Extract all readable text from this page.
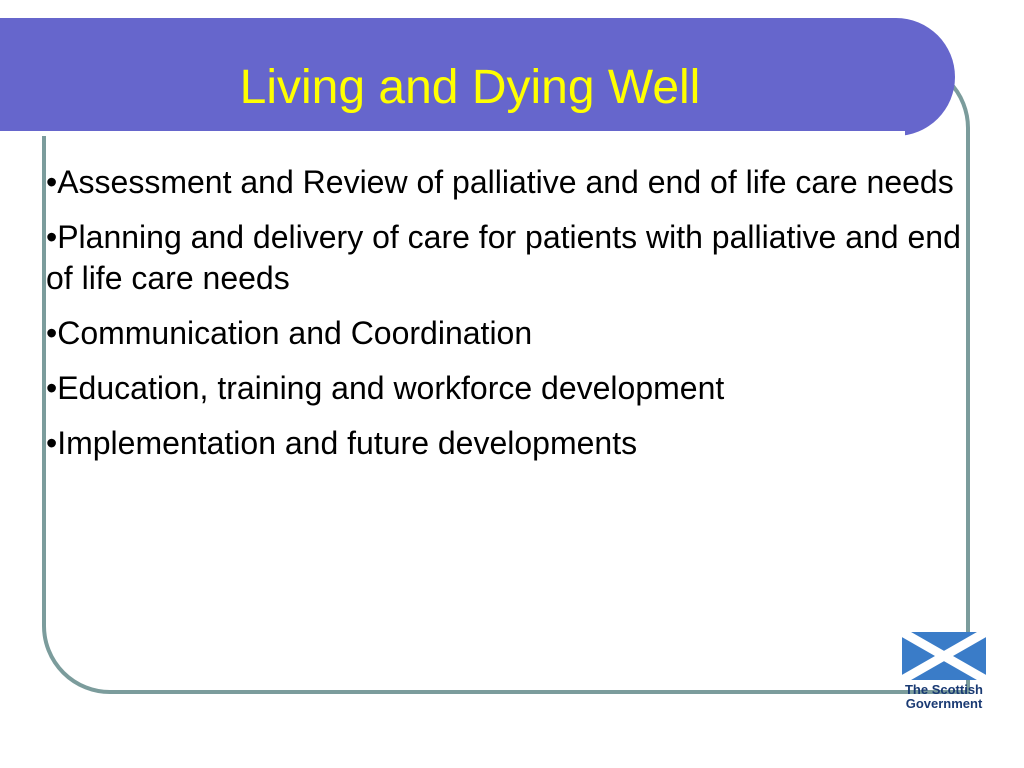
Living and Dying Well
•Assessment and Review of palliative and end of life care needs
•Planning and delivery of care for patients with palliative and end of life care needs
•Communication and Coordination
•Education, training and workforce development
•Implementation and future developments
The Scottish
Government
